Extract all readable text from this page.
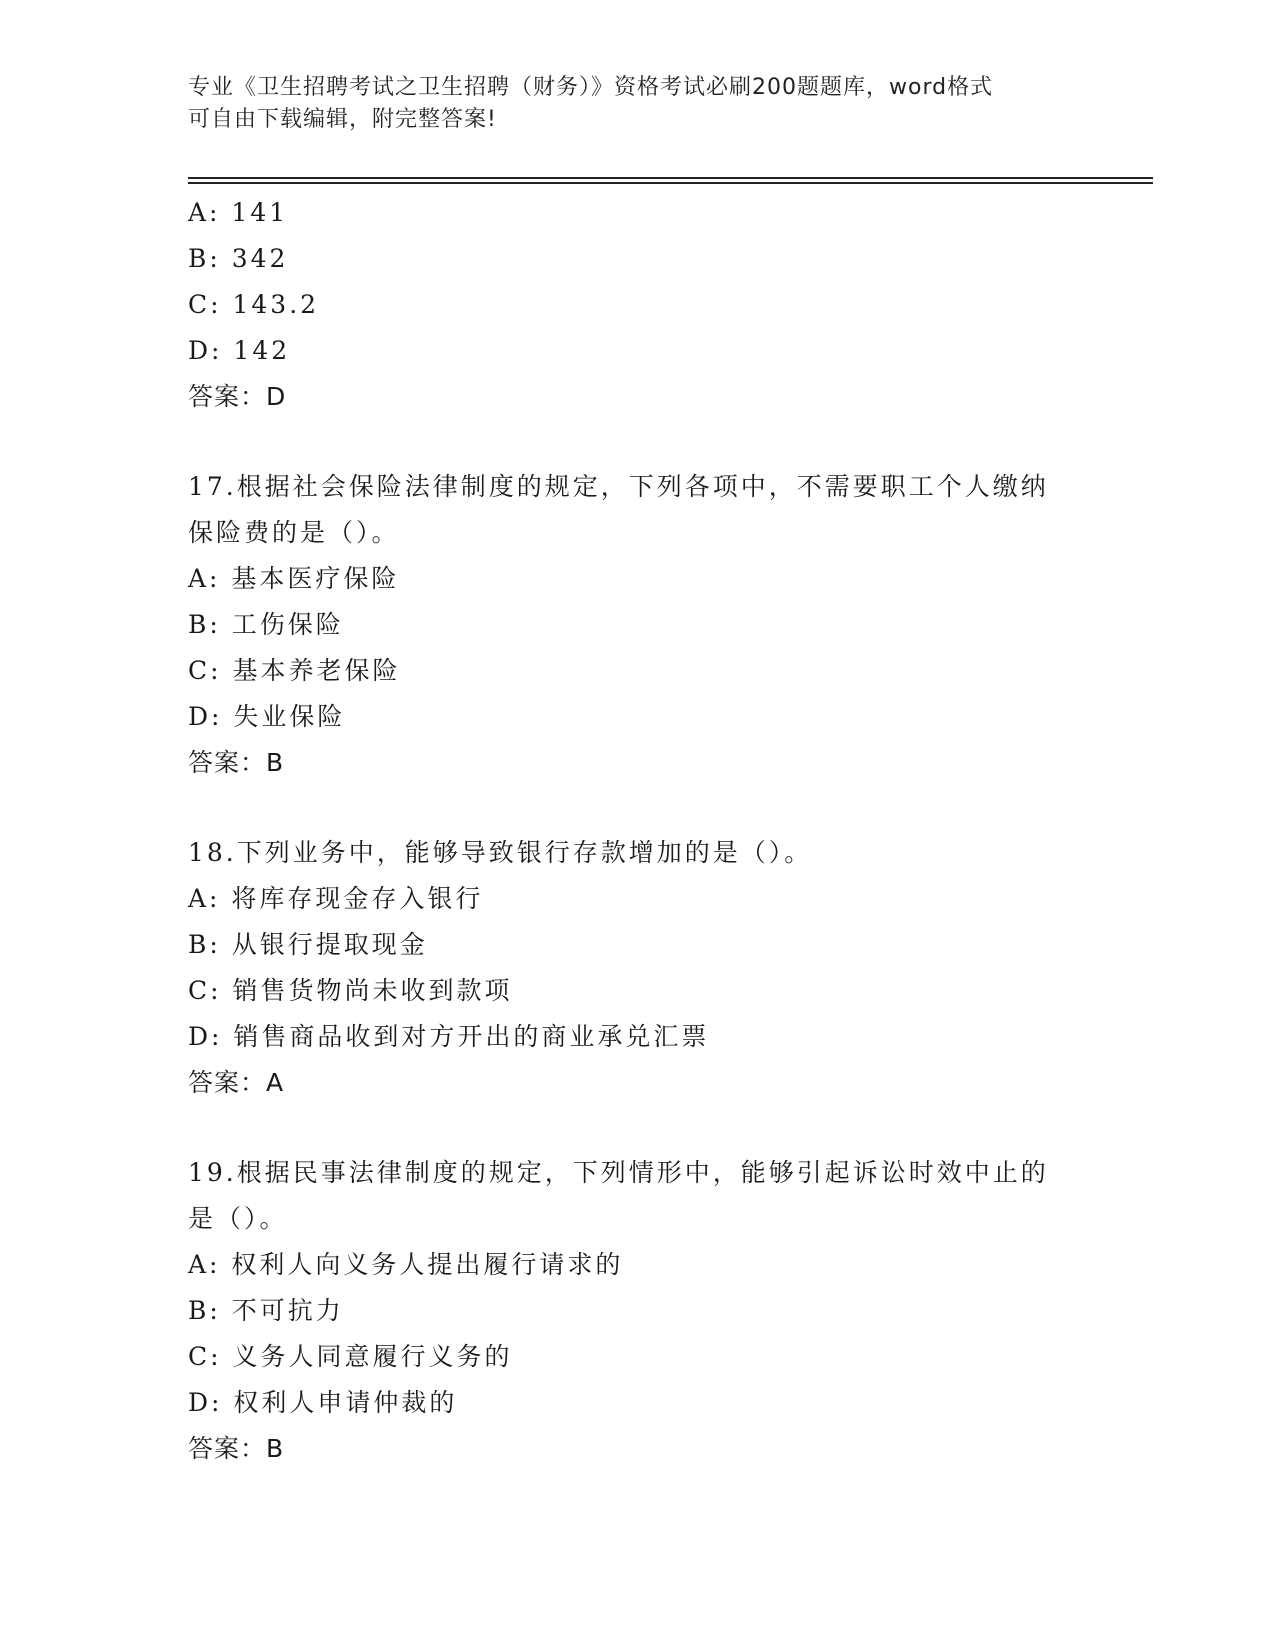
专业《卫生招聘考试之卫生招聘（财务）》资格考试必刷200题题库，word格式
可自由下载编辑，附完整答案!
A: 141
B: 342
C: 143.2
D: 142
答案：D
17.根据社会保险法律制度的规定，下列各项中，不需要职工个人缴纳
保险费的是（）。
A: 基本医疗保险
B: 工伤保险
C: 基本养老保险
D: 失业保险
答案：B
18.下列业务中，能够导致银行存款增加的是（）。
A: 将库存现金存入银行
B: 从银行提取现金
C: 销售货物尚未收到款项
D: 销售商品收到对方开出的商业承兑汇票
答案：A
19.根据民事法律制度的规定，下列情形中，能够引起诉讼时效中止的
是（）。
A: 权利人向义务人提出履行请求的
B: 不可抗力
C: 义务人同意履行义务的
D: 权利人申请仲裁的
答案：B
